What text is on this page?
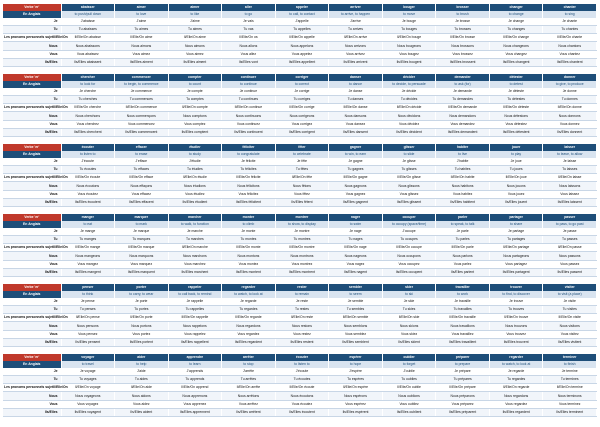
Verbe 'er'	abaisser	aimer	aimer	aller	appeler	arriver	bouger	brosser	changer	chanter
En Anglais	to push/pull down	to love	to like	to go	to call, to contact	to arrive, to happen	to move	to brush	to change	to sing
Je	J'abaisse	J'aime	J'aime	Je vais	J'appelle	J'arrive	Je bouge	Je brosse	Je change	Je chante
Tu	Tu abaisses	Tu aimes	Tu aimes	Tu vas	Tu appelles	Tu arrives	Tu bouges	Tu brosses	Tu changes	Tu chantes

Les pronoms personnels sujet Il/Elle/On	Il/Elle/On abaisse	Il/Elle/On aime	Il/Elle/On aime	Il/Elle/On va	Il/Elle/On appelle	Il/Elle/On arrive	Il/Elle/On bouge	Il/Elle/On brosse	Il/Elle/On change	Il/Elle/On chante
Nous	Nous abaissons	Nous aimons	Nous aimons	Nous allons	Nous appelons	Nous arrivons	Nous bougeons	Nous brossons	Nous changeons	Nous chantons
Vous	Vous abaissez	Vous aimez	Vous aimez	Vous allez	Vous appelez	Vous arrivez	Vous bougez	Vous brossez	Vous changez	Vous chantez
Ils/Elles	Ils/Elles abaissent	Ils/Elles aiment	Ils/Elles aiment	Ils/Elles vont	Ils/Elles appellent	Ils/Elles arrivent	Ils/Elles bougent	Ils/Elles brossent	Ils/Elles changent	Ils/Elles chantent
Verbe 'er'	chercher	commencer	compter	continuer	corriger	danser	décider	demander	détester	donner
En Anglais	to look for	to begin, to commence	to count	to continue	to correct	to dance	to decide, to persuade	to ask (for)	to detest	to give, to produce
Je	Je cherche	Je commence	Je compte	Je continue	Je corrige	Je danse	Je décide	Je demande	Je déteste	Je donne
Tu	Tu cherches	Tu commences	Tu comptes	Tu continues	Tu corriges	Tu danses	Tu décides	Tu demandes	Tu détestes	Tu donnes

Les pronoms personnels sujet Il/Elle/On	Il/Elle/On cherche	Il/Elle/On commence	Il/Elle/On compte	Il/Elle/On continue	Il/Elle/On corrige	Il/Elle/On danse	Il/Elle/On décide	Il/Elle/On demande	Il/Elle/On déteste	Il/Elle/On donne
Nous	Nous cherchons	Nous commençons	Nous comptons	Nous continuons	Nous corrigeons	Nous dansons	Nous décidons	Nous demandons	Nous détestons	Nous donnons
Vous	Vous cherchez	Vous commencez	Vous comptez	Vous continuez	Vous corrigez	Vous dansez	Vous décidez	Vous demandez	Vous détestez	Vous donnez
Ils/Elles	Ils/Elles cherchent	Ils/Elles commencent	Ils/Elles comptent	Ils/Elles continuent	Ils/Elles corrigent	Ils/Elles dansent	Ils/Elles décident	Ils/Elles demandent	Ils/Elles détestent	Ils/Elles donnent
Verbe 'er'	écouter	effacer	étudier	féliciter	fêter	gagner	glisser	habiter	jouer	laisser
En Anglais	to listen to	to erase	to study	to congratulate	to celebrate	to win, to earn	to slide	to live	to play	to leave, to allow
Je	J'écoute	J'efface	J'étudie	Je félicite	Je fête	Je gagne	Je glisse	J'habite	Je joue	Je laisse
Tu	Tu écoutes	Tu effaces	Tu étudies	Tu félicites	Tu fêtes	Tu gagnes	Tu glisses	Tu habites	Tu joues	Tu laisses

Les pronoms personnels sujet Il/Elle/On	Il/Elle/On écoute	Il/Elle/On efface	Il/Elle/On étudie	Il/Elle/On félicite	Il/Elle/On fête	Il/Elle/On gagne	Il/Elle/On glisse	Il/Elle/On habite	Il/Elle/On joue	Il/Elle/On laisse
Nous	Nous écoutons	Nous effaçons	Nous étudions	Nous félicitons	Nous fêtons	Nous gagnons	Nous glissons	Nous habitons	Nous jouons	Nous laissons
Vous	Vous écoutez	Vous effacez	Vous étudiez	Vous félicitez	Vous fêtez	Vous gagnez	Vous glissez	Vous habitez	Vous jouez	Vous laissez
Ils/Elles	Ils/Elles écoutent	Ils/Elles effacent	Ils/Elles étudient	Ils/Elles félicitent	Ils/Elles fêtent	Ils/Elles gagnent	Ils/Elles glissent	Ils/Elles habitent	Ils/Elles jouent	Ils/Elles laissent
Verbe 'er'	manger	marquer	marcher	monter	montrer	nager	occuper	parler	partager	passer
En Anglais	to eat	to mark	to walk, to function	to climb	to show, to display	to swim	to occupy (space/time)	to speak, to talk	to share	to pass, to go past
Je	Je mange	Je marque	Je marche	Je monte	Je montre	Je nage	J'occupe	Je parle	Je partage	Je passe
Tu	Tu manges	Tu marques	Tu marches	Tu montes	Tu montres	Tu nages	Tu occupes	Tu parles	Tu partages	Tu passes

Les pronoms personnels sujet Il/Elle/On	Il/Elle/On mange	Il/Elle/On marque	Il/Elle/On marche	Il/Elle/On monte	Il/Elle/On montre	Il/Elle/On nage	Il/Elle/On occupe	Il/Elle/On parle	Il/Elle/On partage	Il/Elle/On passe
Nous	Nous mangeons	Nous marquons	Nous marchons	Nous montons	Nous montrons	Nous nageons	Nous occupons	Nous parlons	Nous partageons	Nous passons
Vous	Vous mangez	Vous marquez	Vous marchez	Vous montez	Vous montrez	Vous nagez	Vous occupez	Vous parlez	Vous partagez	Vous passez
Ils/Elles	Ils/Elles mangent	Ils/Elles marquent	Ils/Elles marchent	Ils/Elles montent	Ils/Elles montrent	Ils/Elles nagent	Ils/Elles occupent	Ils/Elles parlent	Ils/Elles partagent	Ils/Elles passent
Verbe 'er'	penser	porter	rappeler	regarder	rester	sembler	skier	travailler	trouver	visiter
En Anglais	to think	to carry, to wear	to call back, to remind	to watch, to look at	to remain	to seem	to ski	to work	to find, to discover	to visit (a place)
Je	Je pense	Je porte	Je rappelle	Je regarde	Je reste	Je semble	Je skie	Je travaille	Je trouve	Je visite
Tu	Tu penses	Tu portes	Tu rappelles	Tu regardes	Tu restes	Tu sembles	Tu skies	Tu travailles	Tu trouves	Tu visites

Les pronoms personnels sujet Il/Elle/On	Il/Elle/On pense	Il/Elle/On porte	Il/Elle/On rappelle	Il/Elle/On regarde	Il/Elle/On reste	Il/Elle/On semble	Il/Elle/On skie	Il/Elle/On travaille	Il/Elle/On trouve	Il/Elle/On visite
Nous	Nous pensons	Nous portons	Nous rappelons	Nous regardons	Nous restons	Nous semblons	Nous skions	Nous travaillons	Nous trouvons	Nous visitons
Vous	Vous pensez	Vous portez	Vous rappelez	Vous regardez	Vous restez	Vous semblez	Vous skiez	Vous travaillez	Vous trouvez	Vous visitez
Ils/Elles	Ils/Elles pensent	Ils/Elles portent	Ils/Elles rappellent	Ils/Elles regardent	Ils/Elles restent	Ils/Elles semblent	Ils/Elles skient	Ils/Elles travaillent	Ils/Elles trouvent	Ils/Elles visitent
Verbe 'er'	voyager	aider	apprendre	arrêter	écouter	espérer	oublier	préparer	regarder	terminer
En Anglais	to travel	to help	to learn	to stop	to listen to	to hope	to forget	to prepare	to watch, to look at	to finish
Je	Je voyage	J'aide	J'apprends	J'arrête	J'écoute	J'espère	J'oublie	Je prépare	Je regarde	Je termine
Tu	Tu voyages	Tu aides	Tu apprends	Tu arrêtes	Tu écoutes	Tu espères	Tu oublies	Tu prépares	Tu regardes	Tu termines

Les pronoms personnels sujet Il/Elle/On	Il/Elle/On voyage	Il/Elle/On aide	Il/Elle/On apprend	Il/Elle/On arrête	Il/Elle/On écoute	Il/Elle/On espère	Il/Elle/On oublie	Il/Elle/On prépare	Il/Elle/On regarde	Il/Elle/On termine
Nous	Nous voyageons	Nous aidons	Nous apprenons	Nous arrêtons	Nous écoutons	Nous espérons	Nous oublions	Nous préparons	Nous regardons	Nous terminons
Vous	Vous voyagez	Vous aidez	Vous apprenez	Vous arrêtez	Vous écoutez	Vous espérez	Vous oubliez	Vous préparez	Vous regardez	Vous terminez
Ils/Elles	Ils/Elles voyagent	Ils/Elles aident	Ils/Elles apprennent	Ils/Elles arrêtent	Ils/Elles écoutent	Ils/Elles espèrent	Ils/Elles oublient	Ils/Elles préparent	Ils/Elles regardent	Ils/Elles terminent
